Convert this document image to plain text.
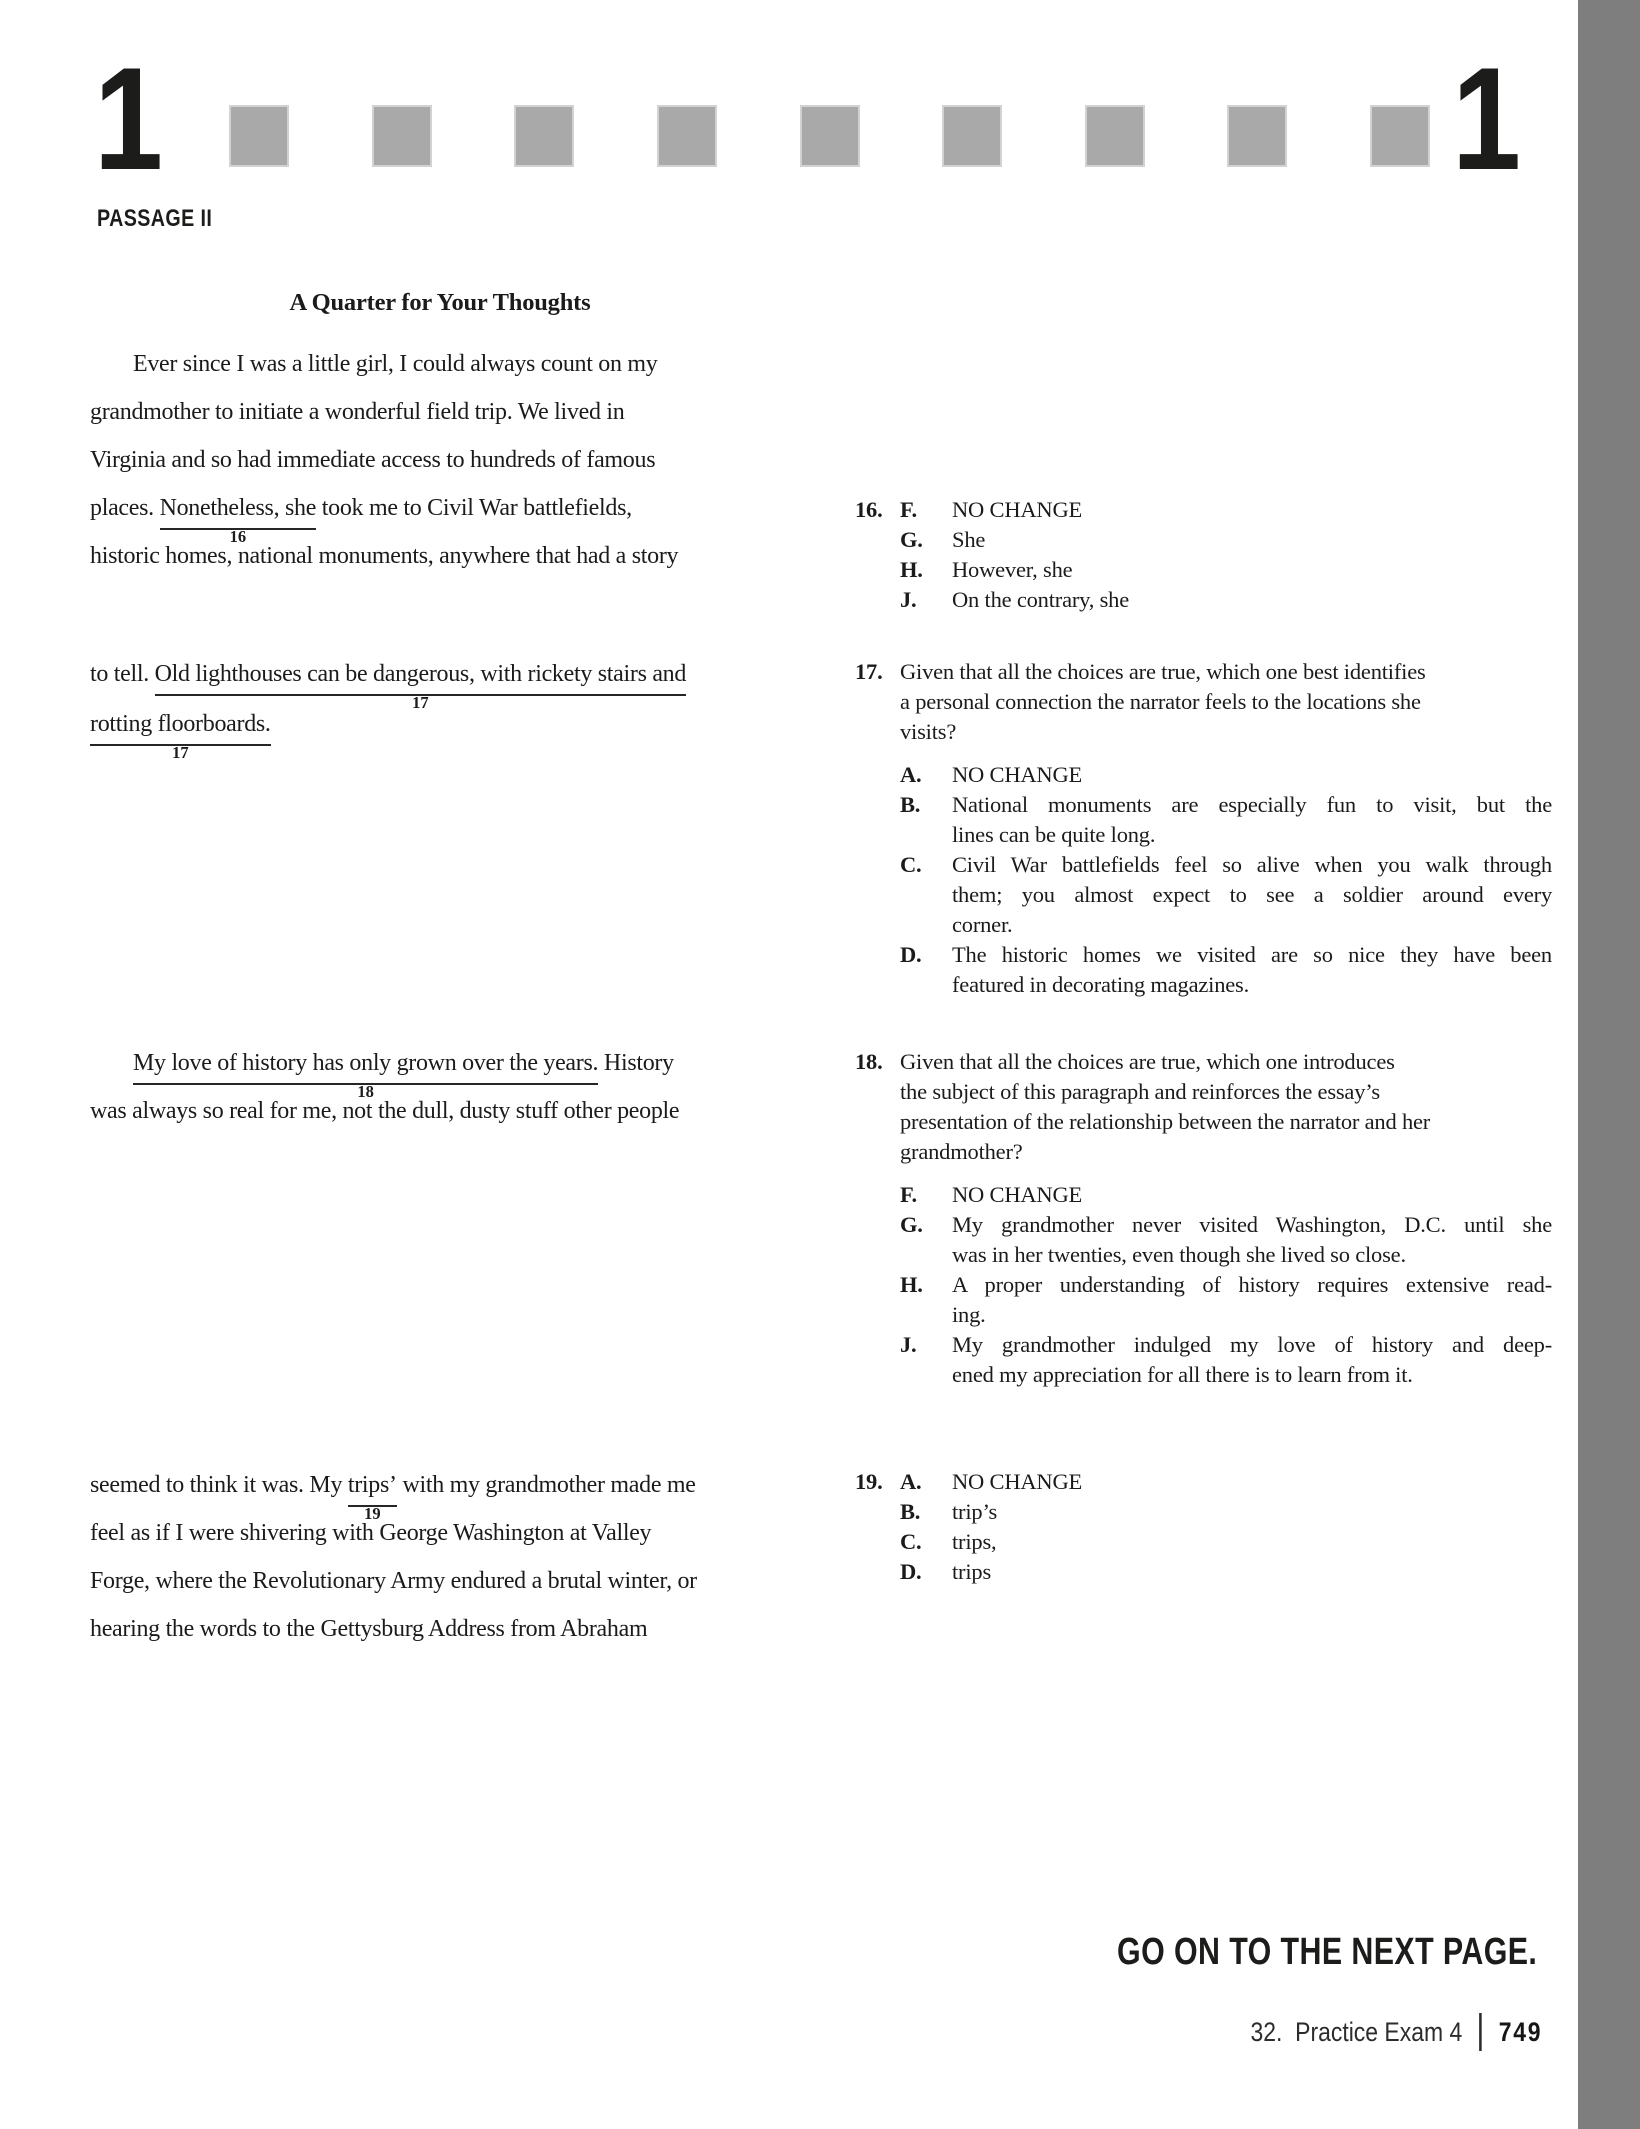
1	1
PASSAGE II
A Quarter for Your Thoughts
Ever since I was a little girl, I could always count on my
grandmother to initiate a wonderful field trip. We lived in
Virginia and so had immediate access to hundreds of famous
places. Nonetheless, she
16
took me to Civil War battlefields,
historic homes, national monuments, anywhere that had a story
to tell. Old lighthouses can be dangerous, with rickety stairs and
17
rotting floorboards.
17
My love of history has only grown over the years.
18
History
was always so real for me, not the dull, dusty stuff other people
seemed to think it was. My trips’
19
with my grandmother made me
feel as if I were shivering with George Washington at Valley
Forge, where the Revolutionary Army endured a brutal winter, or
hearing the words to the Gettysburg Address from Abraham
16. F. NO CHANGE
G. She
H. However, she
J. On the contrary, she
17. Given that all the choices are true, which one best identifies
a personal connection the narrator feels to the locations she
visits?
A. NO CHANGE
B. National monuments are especially fun to visit, but the
lines can be quite long.
C. Civil War battlefields feel so alive when you walk through
them; you almost expect to see a soldier around every
corner.
D. The historic homes we visited are so nice they have been
featured in decorating magazines.
18. Given that all the choices are true, which one introduces
the subject of this paragraph and reinforces the essay’s
presentation of the relationship between the narrator and her
grandmother?
F. NO CHANGE
G. My grandmother never visited Washington, D.C. until she
was in her twenties, even though she lived so close.
H. A proper understanding of history requires extensive read-
ing.
J. My grandmother indulged my love of history and deep-
ened my appreciation for all there is to learn from it.
19. A. NO CHANGE
B. trip’s
C. trips,
D. trips
GO ON TO THE NEXT PAGE.
32. Practice Exam 4 749
